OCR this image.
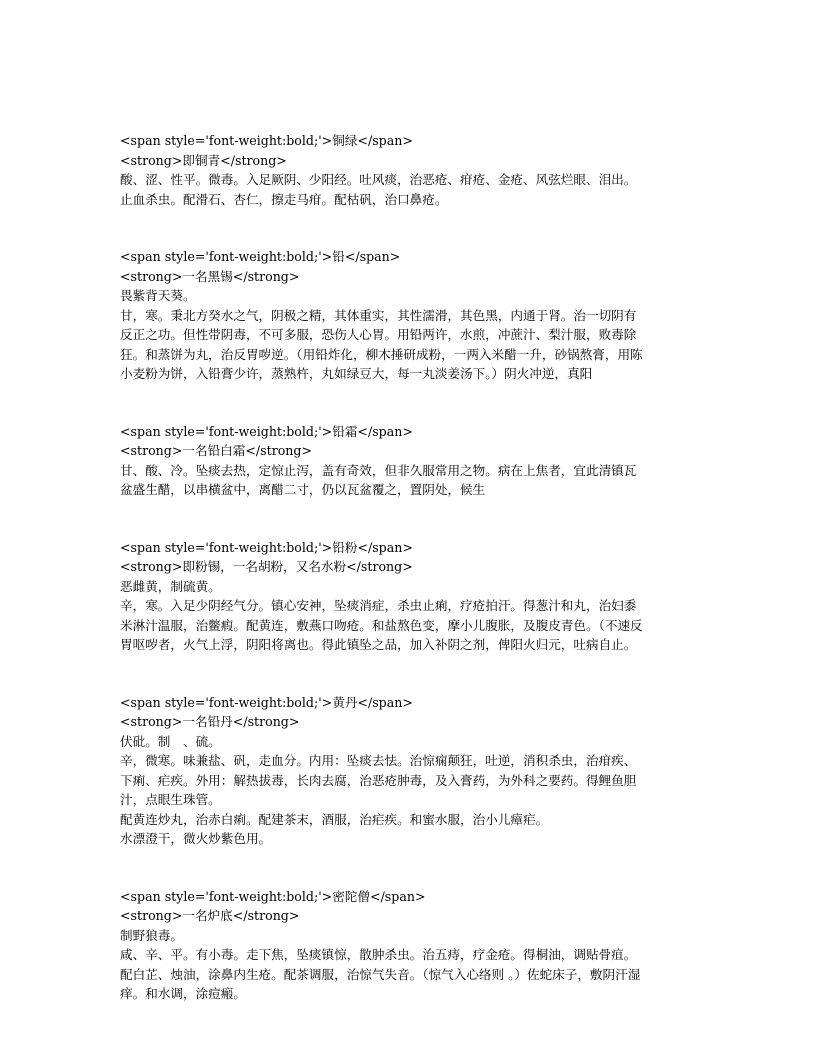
<span style='font-weight:bold;'>铜绿</span>
<strong>即铜青</strong>
酸、涩、性平。微毒。入足厥阴、少阳经。吐风痰，治恶疮、疳疮、金疮、风弦烂眼、泪出。
止血杀虫。配滑石、杏仁，擦走马疳。配枯矾，治口鼻疮。
<span style='font-weight:bold;'>铅</span>
<strong>一名黑锡</strong>
畏紫背天葵。
甘，寒。秉北方癸水之气，阴极之精，其体重实，其性濡滑，其色黑，内通于肾。治一切阴有
反正之功。但性带阴毒，不可多服，恐伤人心胃。用铅两许，水煎，冲蔗汁、梨汁服，败毒除
狂。和蒸饼为丸，治反胃哕逆。（用铅炸化，柳木捶研成粉，一两入米醋一升，砂锅熬膏，用陈
小麦粉为饼，入铅膏少许，蒸熟杵，丸如绿豆大，每一丸淡姜汤下。）阴火冲逆，真阳
<span style='font-weight:bold;'>铅霜</span>
<strong>一名铅白霜</strong>
甘、酸、冷。坠痰去热，定惊止泻，盖有奇效，但非久服常用之物。病在上焦者，宜此清镇瓦
盆盛生醋，以串横盆中，离醋二寸，仍以瓦盆覆之，置阴处，候生
<span style='font-weight:bold;'>铅粉</span>
<strong>即粉锡，一名胡粉，又名水粉</strong>
恶雌黄，制硫黄。
辛，寒。入足少阴经气分。镇心安神，坠痰消症，杀虫止痢，疗疮拍汗。得葱汁和丸，治妇黍
米淋汁温服，治鳖瘕。配黄连，敷燕口吻疮。和盐熬色变，摩小儿腹胀，及腹皮青色。（不速反
胃呕哕者，火气上浮，阴阳将离也。得此镇坠之品，加入补阴之剂，俾阳火归元，吐病自止。
<span style='font-weight:bold;'>黄丹</span>
<strong>一名铅丹</strong>
伏砒。制　、硫。
辛，微寒。味兼盐、矾，走血分。内用：坠痰去怯。治惊痫颠狂，吐逆，消积杀虫，治疳疾、
下痢、疟疾。外用：解热拔毒，长肉去腐，治恶疮肿毒，及入膏药，为外科之要药。得鲤鱼胆
汁，点眼生珠管。
配黄连炒丸，治赤白痢。配建茶末，酒服，治疟疾。和蜜水服，治小儿瘴疟。
水漂澄干，微火炒紫色用。
<span style='font-weight:bold;'>密陀僧</span>
<strong>一名炉底</strong>
制野狼毒。
咸、辛、平。有小毒。走下焦，坠痰镇惊，散肿杀虫。治五痔，疗金疮。得桐油，调贴骨疽。
配白芷、烛油，涂鼻内生疮。配茶调服，治惊气失音。（惊气入心络则 。）佐蛇床子，敷阴汗湿
痒。和水调，涂痘瘢。
